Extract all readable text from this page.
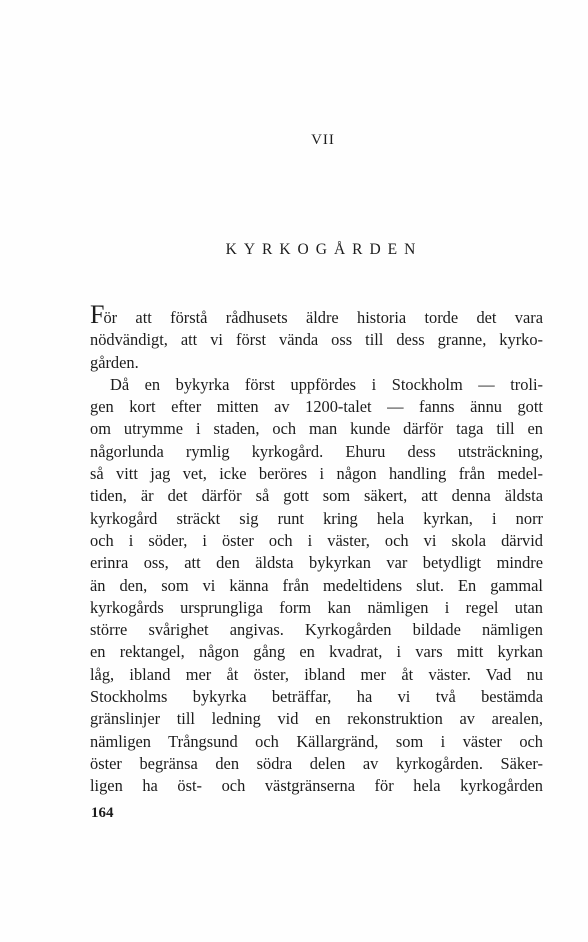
VII
KYRKOGÅRDEN
För att förstå rådhusets äldre historia torde det vara
nödvändigt, att vi först vända oss till dess granne, kyrko-
gården.
Då en bykyrka först uppfördes i Stockholm — troli-
gen kort efter mitten av 1200-talet — fanns ännu gott
om utrymme i staden, och man kunde därför taga till en
någorlunda rymlig kyrkogård. Ehuru dess utsträckning,
så vitt jag vet, icke beröres i någon handling från medel-
tiden, är det därför så gott som säkert, att denna äldsta
kyrkogård sträckt sig runt kring hela kyrkan, i norr
och i söder, i öster och i väster, och vi skola därvid
erinra oss, att den äldsta bykyrkan var betydligt mindre
än den, som vi känna från medeltidens slut. En gammal
kyrkogårds ursprungliga form kan nämligen i regel utan
större svårighet angivas. Kyrkogården bildade nämligen
en rektangel, någon gång en kvadrat, i vars mitt kyrkan
låg, ibland mer åt öster, ibland mer åt väster. Vad nu
Stockholms bykyrka beträffar, ha vi två bestämda
gränslinjer till ledning vid en rekonstruktion av arealen,
nämligen Trångsund och Källargränd, som i väster och
öster begränsa den södra delen av kyrkogården. Säker-
ligen ha öst- och västgränserna för hela kyrkogården
164
